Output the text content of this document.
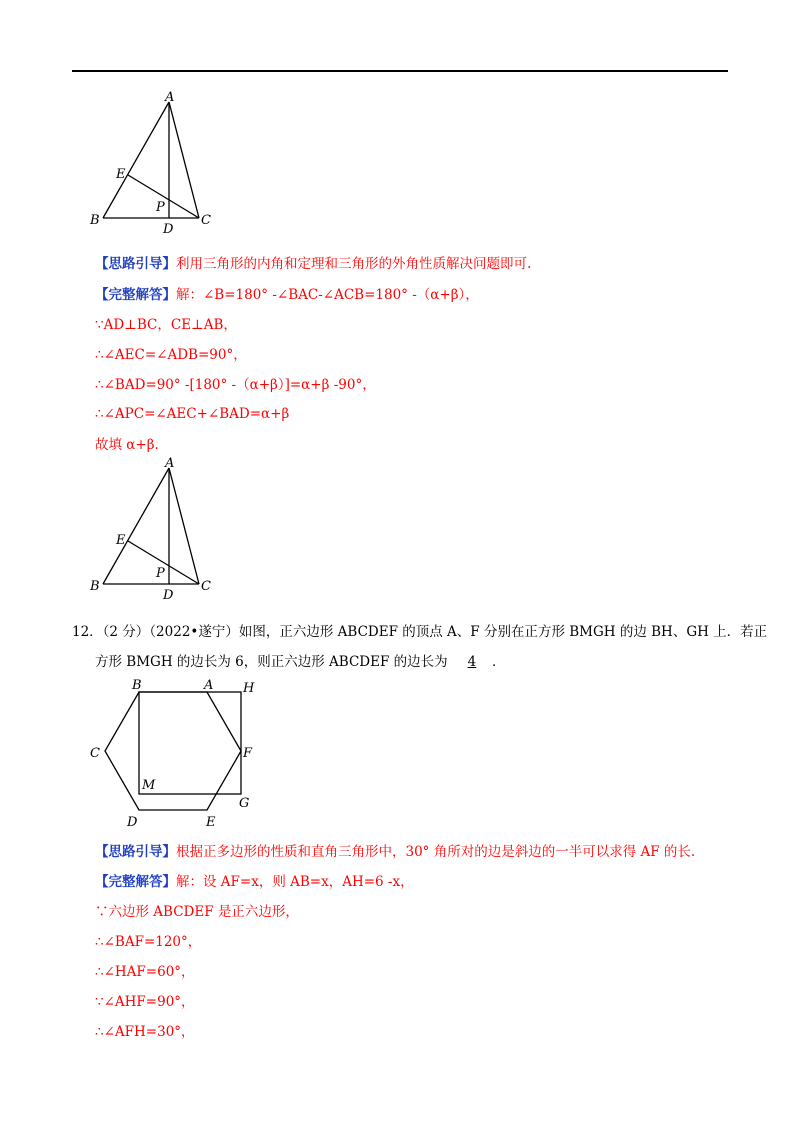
A
B	C
D
E
P
【思路引导】利用三角形的内角和定理和三角形的外角性质解决问题即可.
【完整解答】解：∠B=180° -∠BAC-∠ACB=180° -（α+β），
∵AD⊥BC，CE⊥AB，
∴∠AEC=∠ADB=90°，
∴∠BAD=90° -[180° -（α+β）]=α+β -90°，
∴∠APC=∠AEC+∠BAD=α+β
故填 α+β.
A
B	C
D
E
P
12．（2 分）（2022•遂宁）如图，正六边形 ABCDEF 的顶点 A、F 分别在正方形 BMGH 的边 BH、GH 上．若正
方形 BMGH 的边长为 6，则正六边形 ABCDEF 的边长为 4 ．
B	A H
C	F
M
G
D	E
【思路引导】根据正多边形的性质和直角三角形中，30° 角所对的边是斜边的一半可以求得 AF 的长.
【完整解答】解：设 AF=x，则 AB=x，AH=6 -x，
∵六边形 ABCDEF 是正六边形，
∴∠BAF=120°，
∴∠HAF=60°，
∵∠AHF=90°，
∴∠AFH=30°，
